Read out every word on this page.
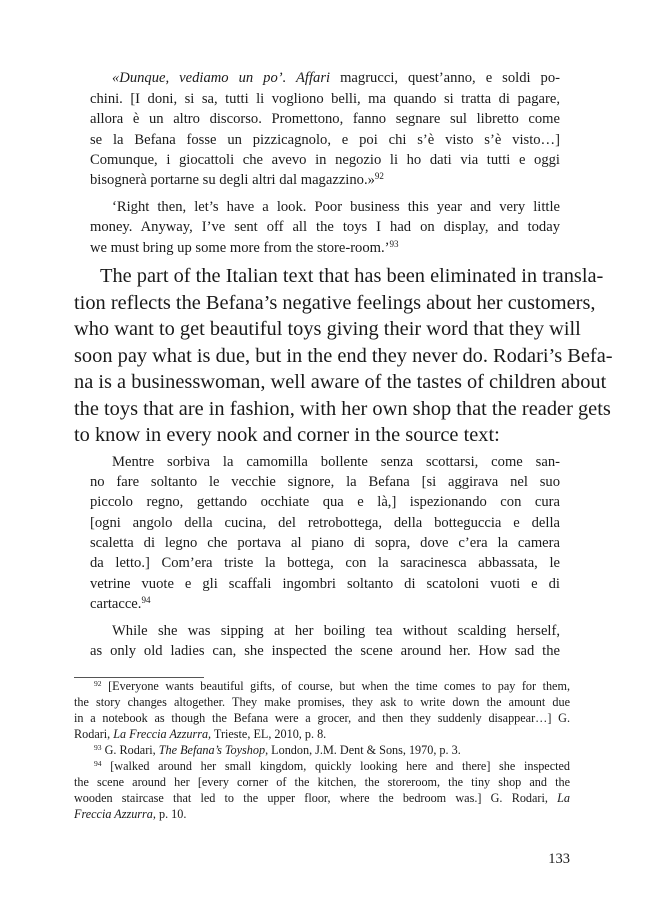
«Dunque, vediamo un po’. Affari magrucci, quest’anno, e soldi po-
chini. [I doni, si sa, tutti li vogliono belli, ma quando si tratta di pagare,
allora è un altro discorso. Promettono, fanno segnare sul libretto come
se la Befana fosse un pizzicagnolo, e poi chi s’è visto s’è visto…]
Comunque, i giocattoli che avevo in negozio li ho dati via tutti e oggi
bisognerà portarne su degli altri dal magazzino.»$^{92}$
‘Right then, let’s have a look. Poor business this year and very little
money. Anyway, I’ve sent off all the toys I had on display, and today
we must bring up some more from the store-room.’$^{93}$
The part of the Italian text that has been eliminated in transla-
tion reflects the Befana’s negative feelings about her customers,
who want to get beautiful toys giving their word that they will
soon pay what is due, but in the end they never do. Rodari’s Befa-
na is a businesswoman, well aware of the tastes of children about
the toys that are in fashion, with her own shop that the reader gets
to know in every nook and corner in the source text:
Mentre sorbiva la camomilla bollente senza scottarsi, come san-
no fare soltanto le vecchie signore, la Befana [si aggirava nel suo
piccolo regno, gettando occhiate qua e là,] ispezionando con cura
[ogni angolo della cucina, del retrobottega, della botteguccia e della
scaletta di legno che portava al piano di sopra, dove c’era la camera
da letto.] Com’era triste la bottega, con la saracinesca abbassata, le
vetrine vuote e gli scaffali ingombri soltanto di scatoloni vuoti e di
cartacce.$^{94}$
While she was sipping at her boiling tea without scalding herself,
as only old ladies can, she inspected the scene around her. How sad the
$^{92}$ [Everyone wants beautiful gifts, of course, but when the time comes to pay for them,
the story changes altogether. They make promises, they ask to write down the amount due
in a notebook as though the Befana were a grocer, and then they suddenly disappear…] G.
Rodari, La Freccia Azzurra, Trieste, EL, 2010, p. 8.
$^{93}$ G. Rodari, The Befana’s Toyshop, London, J.M. Dent & Sons, 1970, p. 3.
$^{94}$ [walked around her small kingdom, quickly looking here and there] she inspected
the scene around her [every corner of the kitchen, the storeroom, the tiny shop and the
wooden staircase that led to the upper floor, where the bedroom was.] G. Rodari, La
Freccia Azzurra, p. 10.
133
